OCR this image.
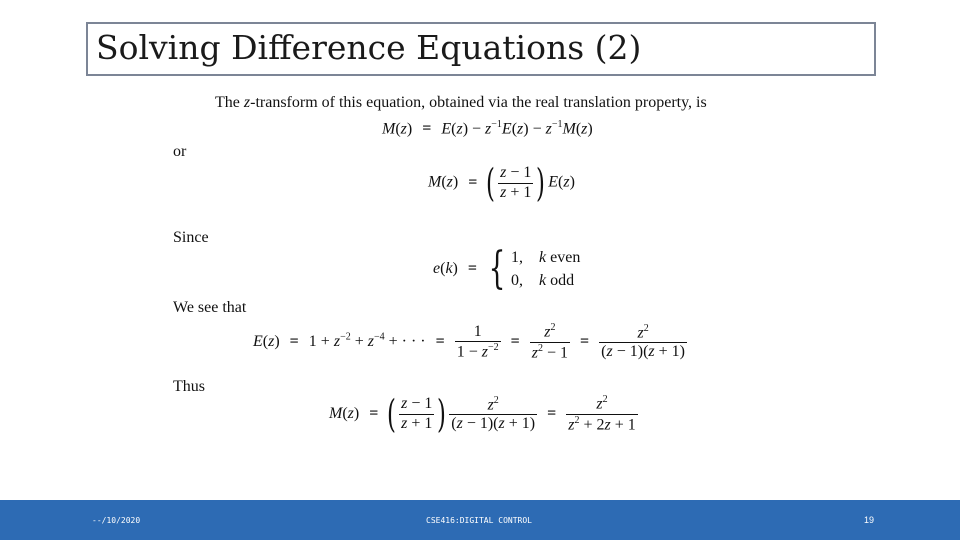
Solving Difference Equations (2)
The z-transform of this equation, obtained via the real translation property, is
$M(z) = E(z) - z^{-1}E(z) - z^{-1}M(z)$
or
M(z) = ( $\frac{z - 1}{z + 1}$ ) E(z)
Since
e(k) = { 1,    k even
0,    k odd
We see that
$E(z) = 1 + z^{-2} + z^{-4}$ + · · · = $\frac{1}{1 - z^{-2}} = \frac{z^2}{z^2 - 1} = \frac{z^2}{(z - 1)(z + 1)}$
Thus
M(z) = ( $\frac{z - 1}{z + 1}$ ) $\frac{z^2}{(z - 1)(z + 1)} = \frac{z^2}{z^2 + 2z + 1}$
--/10/2020	CSE416:DIGITAL CONTROL	19
